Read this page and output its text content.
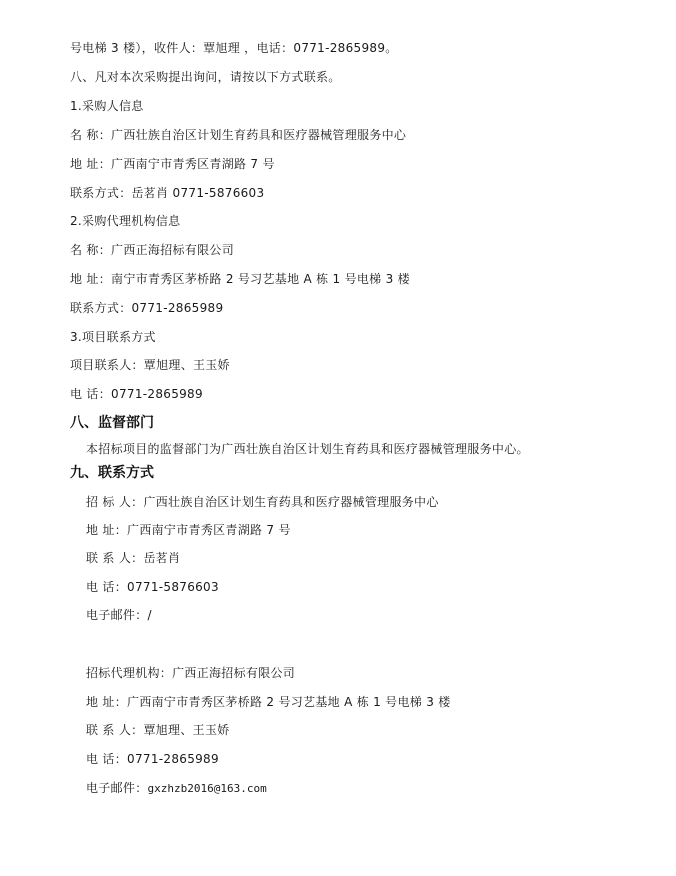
号电梯 3 楼），收件人：覃旭理 ，电话：0771-2865989。
八、凡对本次采购提出询问，请按以下方式联系。
1.采购人信息
名 称：广西壮族自治区计划生育药具和医疗器械管理服务中心
地 址：广西南宁市青秀区青湖路 7 号
联系方式：岳茗肖 0771-5876603
2.采购代理机构信息
名 称：广西正海招标有限公司
地 址：南宁市青秀区茅桥路 2 号习艺基地 A 栋 1 号电梯 3 楼
联系方式：0771-2865989
3.项目联系方式
项目联系人：覃旭理、王玉娇
电 话：0771-2865989
八、监督部门
本招标项目的监督部门为广西壮族自治区计划生育药具和医疗器械管理服务中心。
九、联系方式
招 标 人：广西壮族自治区计划生育药具和医疗器械管理服务中心
地 址：广西南宁市青秀区青湖路 7 号
联 系 人：岳茗肖
电 话：0771-5876603
电子邮件：/
招标代理机构：广西正海招标有限公司
地 址：广西南宁市青秀区茅桥路 2 号习艺基地 A 栋 1 号电梯 3 楼
联 系 人：覃旭理、王玉娇
电 话：0771-2865989
电子邮件：gxzhzb2016@163.com
